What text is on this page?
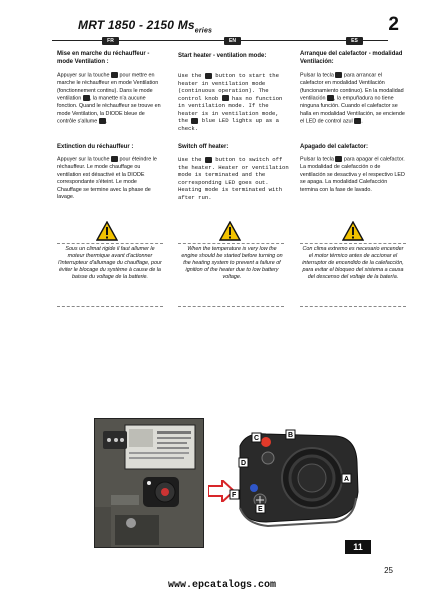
MRT 1850 - 2150 $Ms_{eries}$	2
FR	EN	ES
Mise en marche du réchauffeur - mode Ventilation :
Appuyer sur la touche  pour mettre en marche le réchauffeur en mode Ventilation (fonctionnement continu). Dans le mode ventilation , la manette n'a aucune fonction. Quand le réchauffeur se trouve en mode Ventilation, la DIODE bleue de contrôle s'allume .
Extinction du réchauffeur :
Appuyer sur la touche  pour éteindre le réchauffeur. Le mode chauffage ou ventilation est désactivé et la DIODE correspondante s'éteint. Le mode Chauffage se termine avec la phase de lavage.
Start heater - ventilation mode:
Use the  button to start the heater in ventilation mode (continuous operation). The control knob  has no function in ventilation mode. If the heater is in ventilation mode, the  blue LED lights up as a check.
Switch off heater:
Use the  button to switch off the heater. Heater or ventilation mode is terminated and the corresponding LED goes out. Heating mode is terminated with after run.
Arranque del calefactor - modalidad Ventilación:
Pulsar la tecla  para arrancar el calefactor en modalidad Ventilación (funcionamiento continuo). En la modalidad ventilación , la empuñadura no tiene ninguna función. Cuando el calefactor se halla en modalidad Ventilación, se enciende el LED de control azul .
Apagado del calefactor:
Pulsar la tecla  para apagar el calefactor. La modalidad de calefacción o de ventilación se desactiva y el respectivo LED se apaga. La modalidad Calefacción termina con la fase de lavado.
Sous un climat rigide il faut allumer le moteur thermique avant d'actionner l'interrupteur d'allumage du chauffage, pour éviter le blocage du système à cause de la baisse du voltage de la batterie.
When the temperature is very low the engine should be started before turning on the heating system to prevent a failure of ignition of the heater due to low battery voltage.
Con clima extremo es necesario encender el motor térmico antes de accionar el interruptor de encendido de la calefacción, para evitar el bloqueo del sistema a causa del descenso del voltaje de la batería.
C	B
D
A
F
E
11
www.epcatalogs.com
25
